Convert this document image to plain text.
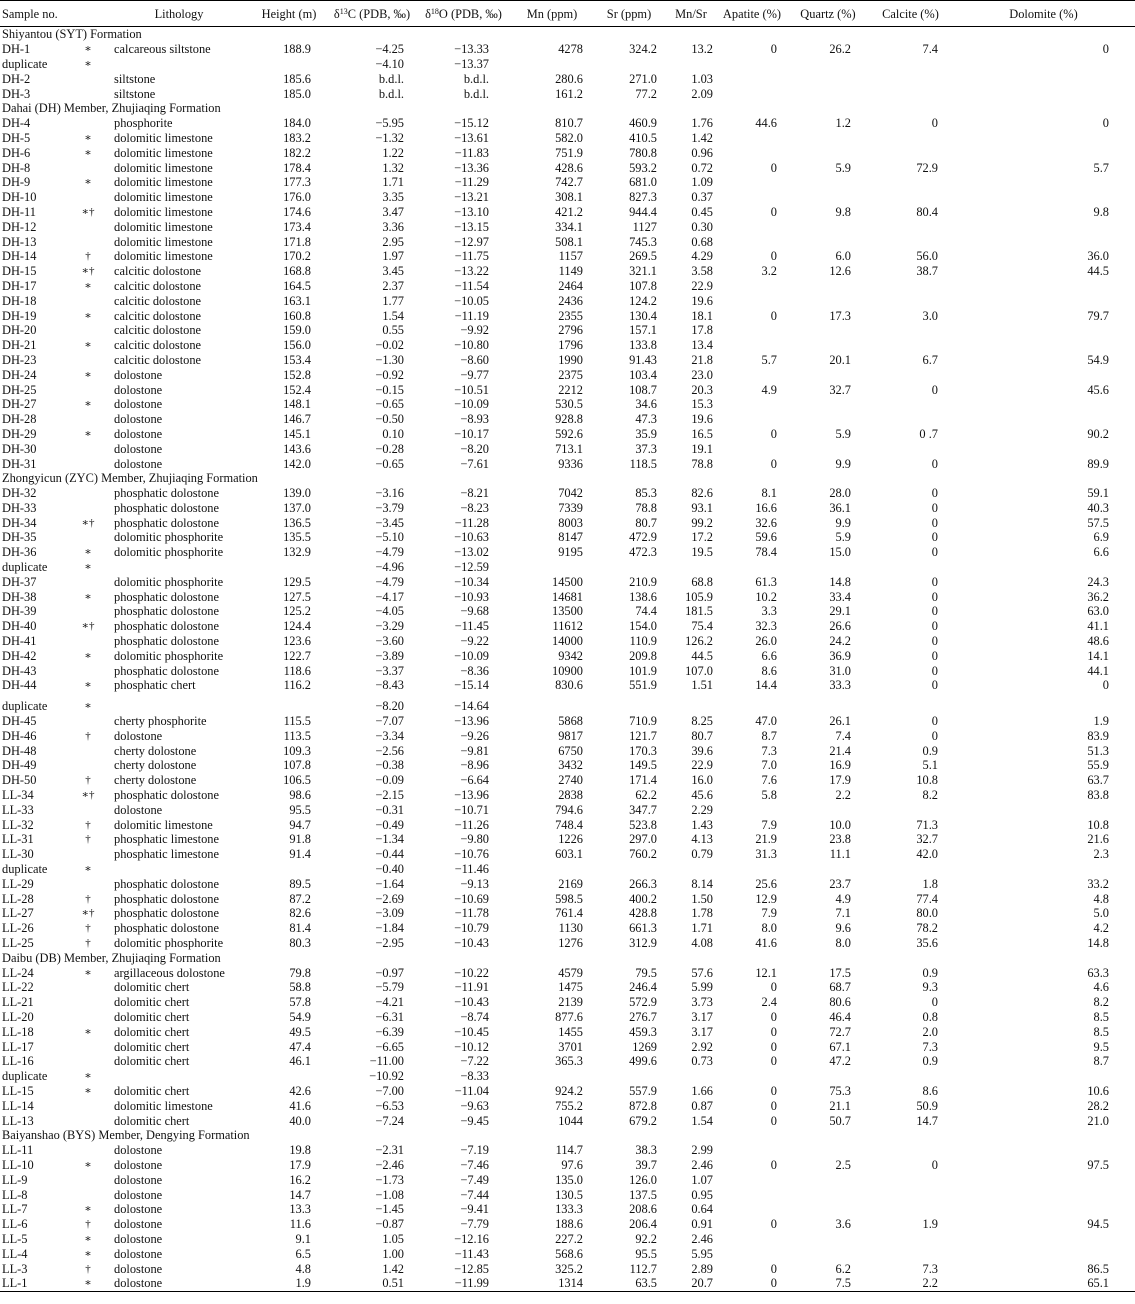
Sample no.		Lithology	Height (m)	$\delta^{13}C$ (PDB, ‰)	$\delta^{18}O$ (PDB, ‰)	Mn (ppm)	Sr (ppm)	Mn/Sr	Apatite (%)	Quartz (%)	Calcite (%)	Dolomite (%)
Shiyantou (SYT) Formation												
DH-1	∗	calcareous siltstone	188.9	−4.25	−13.33	4278	324.2	13.2	0	26.2	7.4	0
duplicate	∗			−4.10	−13.37							
DH-2		siltstone	185.6	b.d.l.	b.d.l.	280.6	271.0	1.03				
DH-3		siltstone	185.0	b.d.l.	b.d.l.	161.2	77.2	2.09				
Dahai (DH) Member, Zhujiaqing Formation												
DH-4		phosphorite	184.0	−5.95	−15.12	810.7	460.9	1.76	44.6	1.2	0	0
DH-5	∗	dolomitic limestone	183.2	−1.32	−13.61	582.0	410.5	1.42				
DH-6	∗	dolomitic limestone	182.2	1.22	−11.83	751.9	780.8	0.96				
DH-8		dolomitic limestone	178.4	1.32	−13.36	428.6	593.2	0.72	0	5.9	72.9	5.7
DH-9	∗	dolomitic limestone	177.3	1.71	−11.29	742.7	681.0	1.09				
DH-10		dolomitic limestone	176.0	3.35	−13.21	308.1	827.3	0.37				
DH-11	∗†	dolomitic limestone	174.6	3.47	−13.10	421.2	944.4	0.45	0	9.8	80.4	9.8
DH-12		dolomitic limestone	173.4	3.36	−13.15	334.1	1127	0.30				
DH-13		dolomitic limestone	171.8	2.95	−12.97	508.1	745.3	0.68				
DH-14	†	dolomitic limestone	170.2	1.97	−11.75	1157	269.5	4.29	0	6.0	56.0	36.0
DH-15	∗†	calcitic dolostone	168.8	3.45	−13.22	1149	321.1	3.58	3.2	12.6	38.7	44.5
DH-17	∗	calcitic dolostone	164.5	2.37	−11.54	2464	107.8	22.9				
DH-18		calcitic dolostone	163.1	1.77	−10.05	2436	124.2	19.6				
DH-19	∗	calcitic dolostone	160.8	1.54	−11.19	2355	130.4	18.1	0	17.3	3.0	79.7
DH-20		calcitic dolostone	159.0	0.55	−9.92	2796	157.1	17.8				
DH-21	∗	calcitic dolostone	156.0	−0.02	−10.80	1796	133.8	13.4				
DH-23		calcitic dolostone	153.4	−1.30	−8.60	1990	91.43	21.8	5.7	20.1	6.7	54.9
DH-24	∗	dolostone	152.8	−0.92	−9.77	2375	103.4	23.0				
DH-25		dolostone	152.4	−0.15	−10.51	2212	108.7	20.3	4.9	32.7	0	45.6
DH-27	∗	dolostone	148.1	−0.65	−10.09	530.5	34.6	15.3				
DH-28		dolostone	146.7	−0.50	−8.93	928.8	47.3	19.6				
DH-29	∗	dolostone	145.1	0.10	−10.17	592.6	35.9	16.5	0	5.9	0 .7	90.2
DH-30		dolostone	143.6	−0.28	−8.20	713.1	37.3	19.1				
DH-31		dolostone	142.0	−0.65	−7.61	9336	118.5	78.8	0	9.9	0	89.9
Zhongyicun (ZYC) Member, Zhujiaqing Formation												
DH-32		phosphatic dolostone	139.0	−3.16	−8.21	7042	85.3	82.6	8.1	28.0	0	59.1
DH-33		phosphatic dolostone	137.0	−3.79	−8.23	7339	78.8	93.1	16.6	36.1	0	40.3
DH-34	∗†	phosphatic dolostone	136.5	−3.45	−11.28	8003	80.7	99.2	32.6	9.9	0	57.5
DH-35		dolomitic phosphorite	135.5	−5.10	−10.63	8147	472.9	17.2	59.6	5.9	0	6.9
DH-36	∗	dolomitic phosphorite	132.9	−4.79	−13.02	9195	472.3	19.5	78.4	15.0	0	6.6
duplicate	∗			−4.96	−12.59							
DH-37		dolomitic phosphorite	129.5	−4.79	−10.34	14500	210.9	68.8	61.3	14.8	0	24.3
DH-38	∗	phosphatic dolostone	127.5	−4.17	−10.93	14681	138.6	105.9	10.2	33.4	0	36.2
DH-39		phosphatic dolostone	125.2	−4.05	−9.68	13500	74.4	181.5	3.3	29.1	0	63.0
DH-40	∗†	phosphatic dolostone	124.4	−3.29	−11.45	11612	154.0	75.4	32.3	26.6	0	41.1
DH-41		phosphatic dolostone	123.6	−3.60	−9.22	14000	110.9	126.2	26.0	24.2	0	48.6
DH-42	∗	dolomitic phosphorite	122.7	−3.89	−10.09	9342	209.8	44.5	6.6	36.9	0	14.1
DH-43		phosphatic dolostone	118.6	−3.37	−8.36	10900	101.9	107.0	8.6	31.0	0	44.1
DH-44	∗	phosphatic chert	116.2	−8.43	−15.14	830.6	551.9	1.51	14.4	33.3	0	0

duplicate	∗			−8.20	−14.64							
DH-45		cherty phosphorite	115.5	−7.07	−13.96	5868	710.9	8.25	47.0	26.1	0	1.9
DH-46	†	dolostone	113.5	−3.34	−9.26	9817	121.7	80.7	8.7	7.4	0	83.9
DH-48		cherty dolostone	109.3	−2.56	−9.81	6750	170.3	39.6	7.3	21.4	0.9	51.3
DH-49		cherty dolostone	107.8	−0.38	−8.96	3432	149.5	22.9	7.0	16.9	5.1	55.9
DH-50	†	cherty dolostone	106.5	−0.09	−6.64	2740	171.4	16.0	7.6	17.9	10.8	63.7
LL-34	∗†	phosphatic dolostone	98.6	−2.15	−13.96	2838	62.2	45.6	5.8	2.2	8.2	83.8
LL-33		dolostone	95.5	−0.31	−10.71	794.6	347.7	2.29				
LL-32	†	dolomitic limestone	94.7	−0.49	−11.26	748.4	523.8	1.43	7.9	10.0	71.3	10.8
LL-31	†	phosphatic limestone	91.8	−1.34	−9.80	1226	297.0	4.13	21.9	23.8	32.7	21.6
LL-30		phosphatic limestone	91.4	−0.44	−10.76	603.1	760.2	0.79	31.3	11.1	42.0	2.3
duplicate	∗			−0.40	−11.46							
LL-29		phosphatic dolostone	89.5	−1.64	−9.13	2169	266.3	8.14	25.6	23.7	1.8	33.2
LL-28	†	phosphatic dolostone	87.2	−2.69	−10.69	598.5	400.2	1.50	12.9	4.9	77.4	4.8
LL-27	∗†	phosphatic dolostone	82.6	−3.09	−11.78	761.4	428.8	1.78	7.9	7.1	80.0	5.0
LL-26	†	phosphatic dolostone	81.4	−1.84	−10.79	1130	661.3	1.71	8.0	9.6	78.2	4.2
LL-25	†	dolomitic phosphorite	80.3	−2.95	−10.43	1276	312.9	4.08	41.6	8.0	35.6	14.8
Daibu (DB) Member, Zhujiaqing Formation												
LL-24	∗	argillaceous dolostone	79.8	−0.97	−10.22	4579	79.5	57.6	12.1	17.5	0.9	63.3
LL-22		dolomitic chert	58.8	−5.79	−11.91	1475	246.4	5.99	0	68.7	9.3	4.6
LL-21		dolomitic chert	57.8	−4.21	−10.43	2139	572.9	3.73	2.4	80.6	0	8.2
LL-20		dolomitic chert	54.9	−6.31	−8.74	877.6	276.7	3.17	0	46.4	0.8	8.5
LL-18	∗	dolomitic chert	49.5	−6.39	−10.45	1455	459.3	3.17	0	72.7	2.0	8.5
LL-17		dolomitic chert	47.4	−6.65	−10.12	3701	1269	2.92	0	67.1	7.3	9.5
LL-16		dolomitic chert	46.1	−11.00	−7.22	365.3	499.6	0.73	0	47.2	0.9	8.7
duplicate	∗			−10.92	−8.33							
LL-15	∗	dolomitic chert	42.6	−7.00	−11.04	924.2	557.9	1.66	0	75.3	8.6	10.6
LL-14		dolomitic limestone	41.6	−6.53	−9.63	755.2	872.8	0.87	0	21.1	50.9	28.2
LL-13		dolomitic chert	40.0	−7.24	−9.45	1044	679.2	1.54	0	50.7	14.7	21.0
Baiyanshao (BYS) Member, Dengying Formation												
LL-11		dolostone	19.8	−2.31	−7.19	114.7	38.3	2.99				
LL-10	∗	dolostone	17.9	−2.46	−7.46	97.6	39.7	2.46	0	2.5	0	97.5
LL-9		dolostone	16.2	−1.73	−7.49	135.0	126.0	1.07				
LL-8		dolostone	14.7	−1.08	−7.44	130.5	137.5	0.95				
LL-7	∗	dolostone	13.3	−1.45	−9.41	133.3	208.6	0.64				
LL-6	†	dolostone	11.6	−0.87	−7.79	188.6	206.4	0.91	0	3.6	1.9	94.5
LL-5	∗	dolostone	9.1	1.05	−12.16	227.2	92.2	2.46				
LL-4	∗	dolostone	6.5	1.00	−11.43	568.6	95.5	5.95				
LL-3	†	dolostone	4.8	1.42	−12.85	325.2	112.7	2.89	0	6.2	7.3	86.5
LL-1	∗	dolostone	1.9	0.51	−11.99	1314	63.5	20.7	0	7.5	2.2	65.1
